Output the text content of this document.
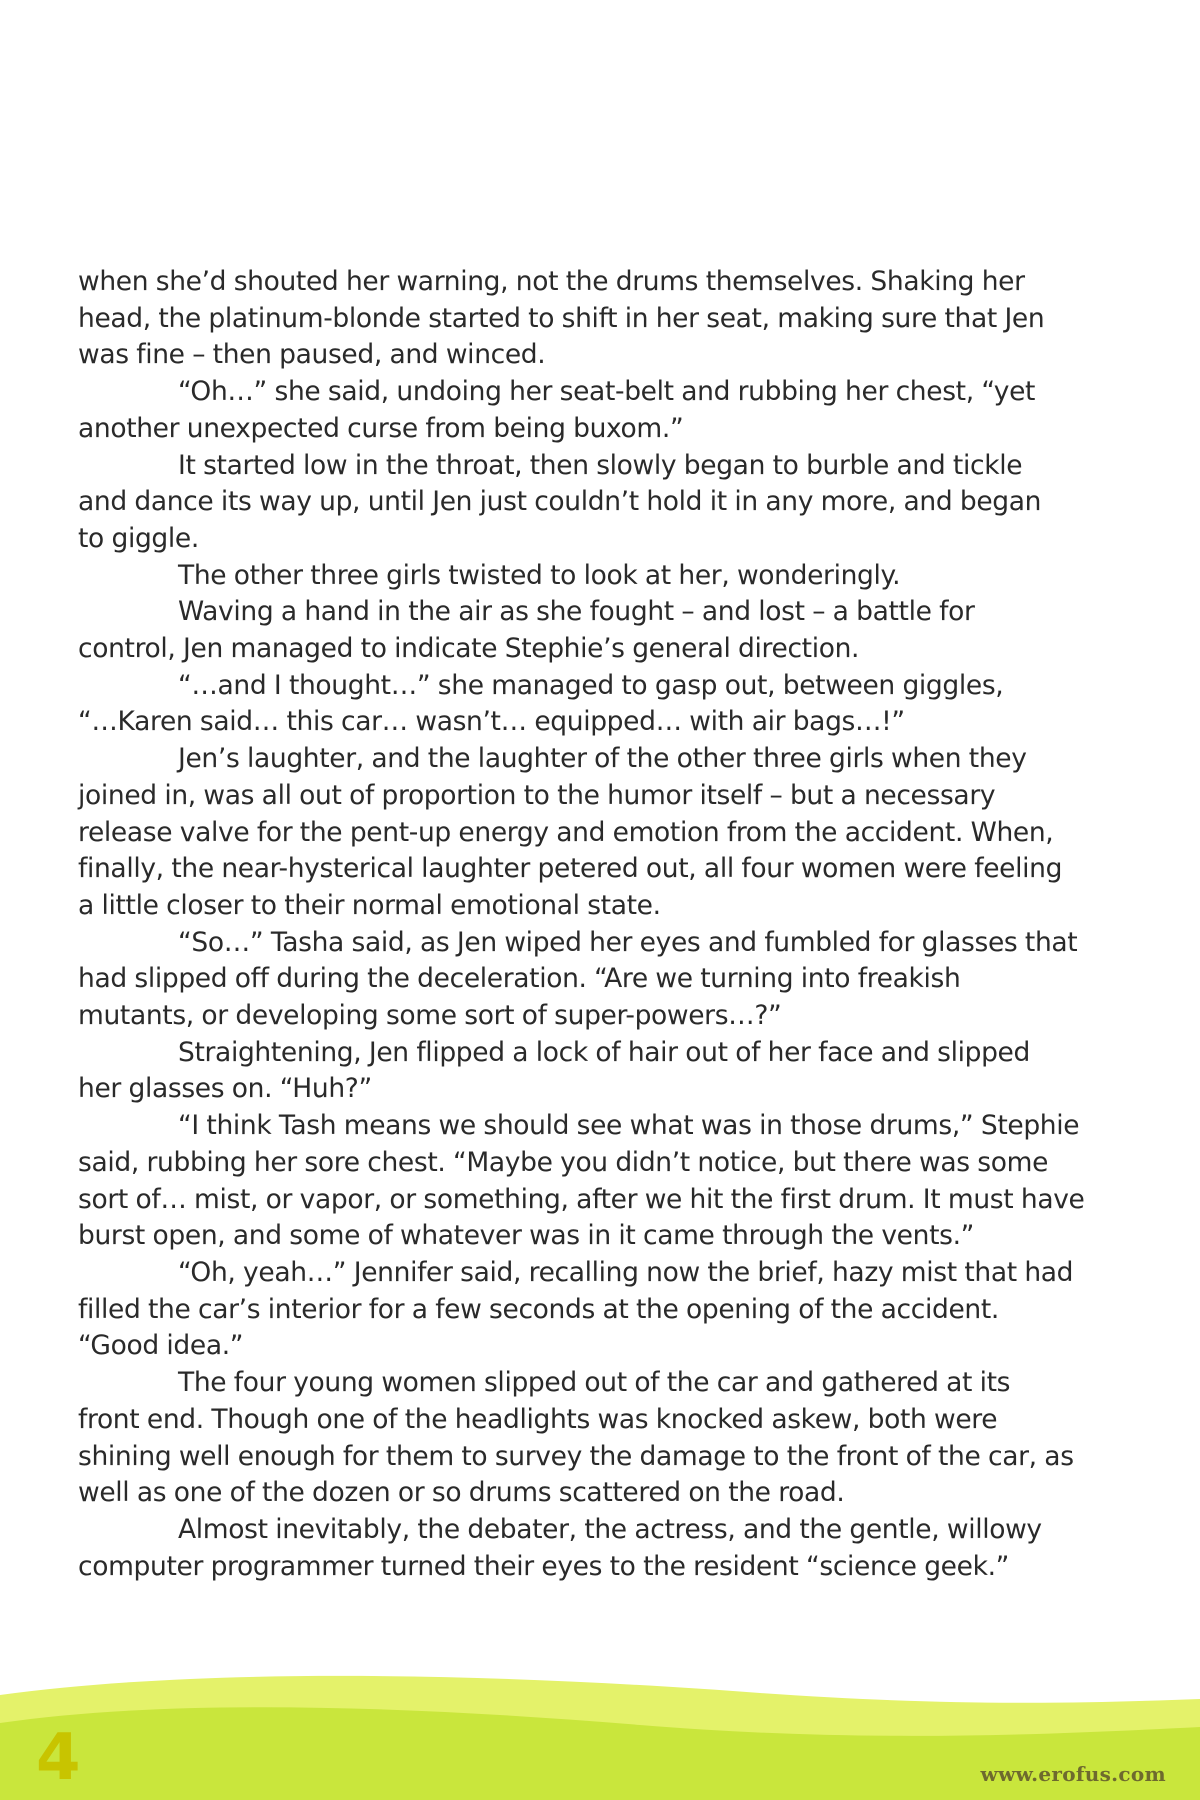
when she’d shouted her warning, not the drums themselves. Shaking her
head, the platinum-blonde started to shift in her seat, making sure that Jen
was fine – then paused, and winced.

“Oh…” she said, undoing her seat-belt and rubbing her chest, “yet
another unexpected curse from being buxom.”

It started low in the throat, then slowly began to burble and tickle
and dance its way up, until Jen just couldn’t hold it in any more, and began
to giggle.

The other three girls twisted to look at her, wonderingly.

Waving a hand in the air as she fought – and lost – a battle for
control, Jen managed to indicate Stephie’s general direction.

“…and I thought…” she managed to gasp out, between giggles,
“…Karen said… this car… wasn’t… equipped… with air bags…!”

Jen’s laughter, and the laughter of the other three girls when they
joined in, was all out of proportion to the humor itself – but a necessary
release valve for the pent-up energy and emotion from the accident. When,
finally, the near-hysterical laughter petered out, all four women were feeling
a little closer to their normal emotional state.

“So…” Tasha said, as Jen wiped her eyes and fumbled for glasses that
had slipped off during the deceleration. “Are we turning into freakish
mutants, or developing some sort of super-powers…?”

Straightening, Jen flipped a lock of hair out of her face and slipped
her glasses on. “Huh?”

“I think Tash means we should see what was in those drums,” Stephie
said, rubbing her sore chest. “Maybe you didn’t notice, but there was some
sort of… mist, or vapor, or something, after we hit the first drum. It must have
burst open, and some of whatever was in it came through the vents.”

“Oh, yeah…” Jennifer said, recalling now the brief, hazy mist that had
filled the car’s interior for a few seconds at the opening of the accident.
“Good idea.”

The four young women slipped out of the car and gathered at its
front end. Though one of the headlights was knocked askew, both were
shining well enough for them to survey the damage to the front of the car, as
well as one of the dozen or so drums scattered on the road.

Almost inevitably, the debater, the actress, and the gentle, willowy
computer programmer turned their eyes to the resident “science geek.”

4	www.erofus.com
